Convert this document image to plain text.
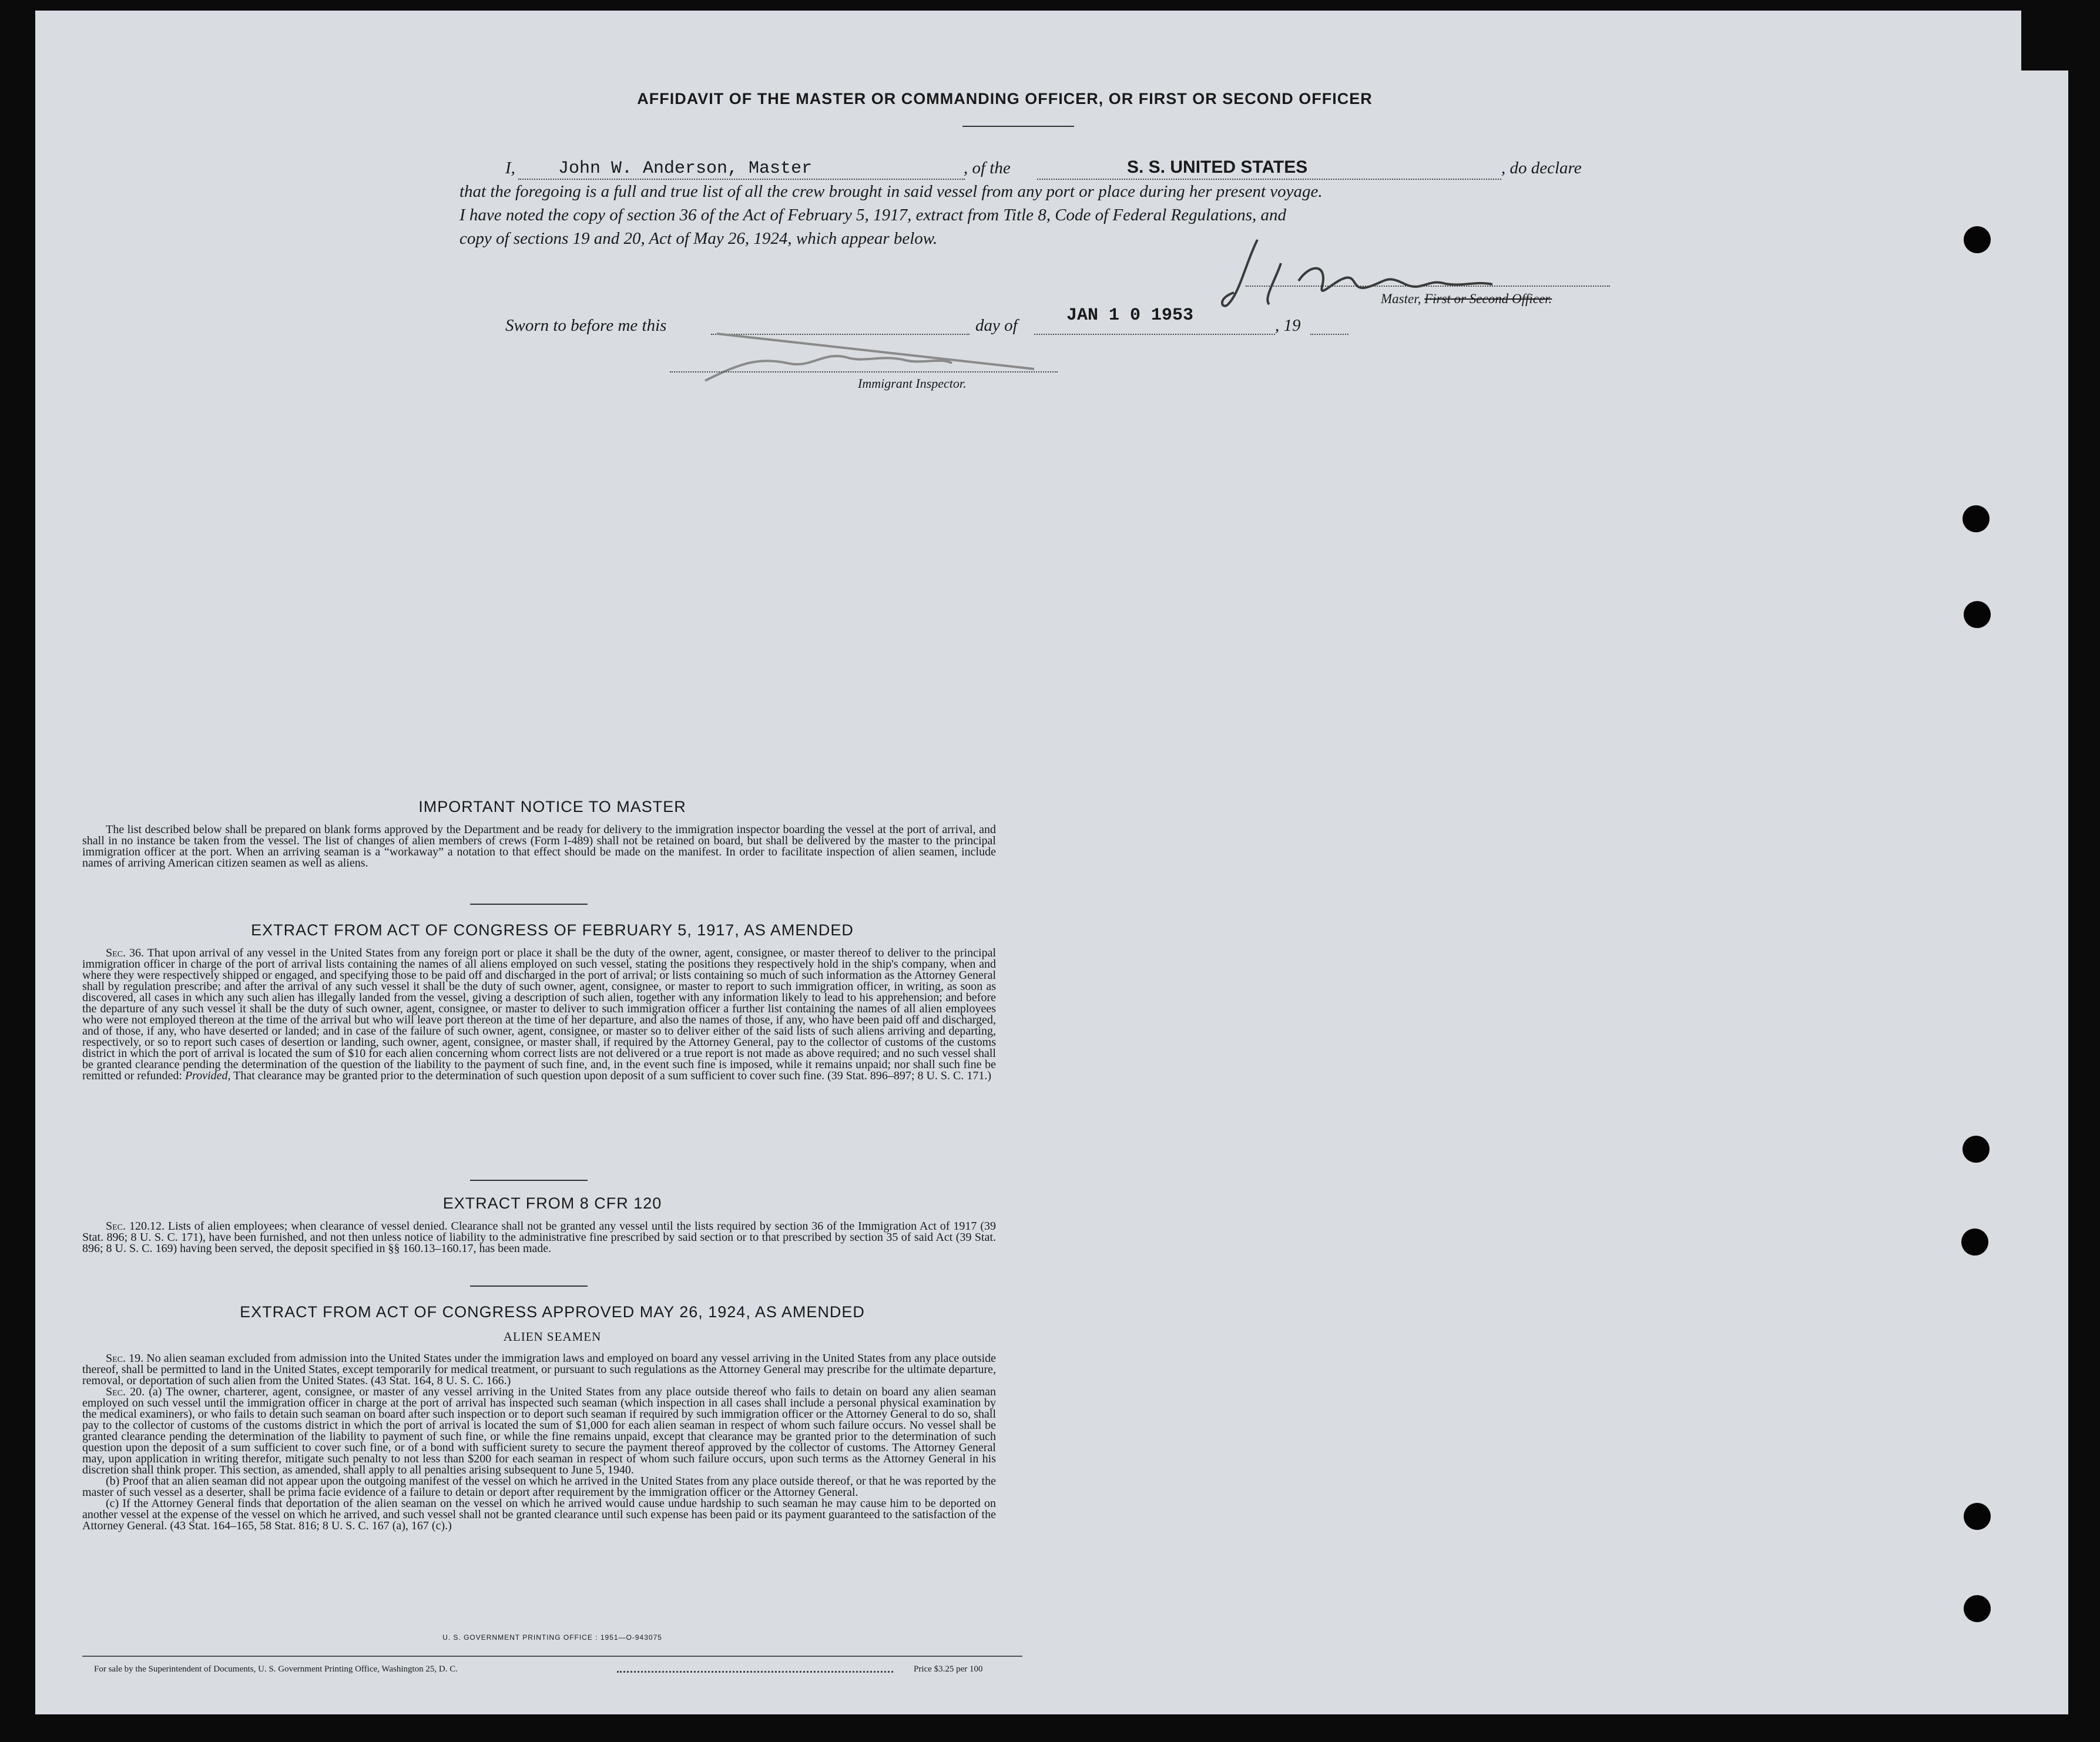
AFFIDAVIT OF THE MASTER OR COMMANDING OFFICER, OR FIRST OR SECOND OFFICER
I, John W. Anderson, Master	, of the	S. S. UNITED STATES	, do declare
that the foregoing is a full and true list of all the crew brought in said vessel from any port or place during her present voyage.
I have noted the copy of section 36 of the Act of February 5, 1917, extract from Title 8, Code of Federal Regulations, and
copy of sections 19 and 20, Act of May 26, 1924, which appear below.
Master, First or Second Officer.
Sworn to before me this	day of	JAN 1 0 1953	, 19
Immigrant Inspector.
IMPORTANT NOTICE TO MASTER

The list described below shall be prepared on blank forms approved by the Department and be ready for delivery to the immigration inspector boarding the vessel at the port of arrival, and shall in no instance be taken from the vessel. The list of changes of alien members of crews (Form I-489) shall not be retained on board, but shall be delivered by the master to the principal immigration officer at the port. When an arriving seaman is a “workaway” a notation to that effect should be made on the manifest. In order to facilitate inspection of alien seamen, include names of arriving American citizen seamen as well as aliens.

EXTRACT FROM ACT OF CONGRESS OF FEBRUARY 5, 1917, AS AMENDED

Sec. 36. That upon arrival of any vessel in the United States from any foreign port or place it shall be the duty of the owner, agent, consignee, or master thereof to deliver to the principal immigration officer in charge of the port of arrival lists containing the names of all aliens employed on such vessel, stating the positions they respectively hold in the ship's company, when and where they were respectively shipped or engaged, and specifying those to be paid off and discharged in the port of arrival; or lists containing so much of such information as the Attorney General shall by regulation prescribe; and after the arrival of any such vessel it shall be the duty of such owner, agent, consignee, or master to report to such immigration officer, in writing, as soon as discovered, all cases in which any such alien has illegally landed from the vessel, giving a description of such alien, together with any information likely to lead to his apprehension; and before the departure of any such vessel it shall be the duty of such owner, agent, consignee, or master to deliver to such immigration officer a further list containing the names of all alien employees who were not employed thereon at the time of the arrival but who will leave port thereon at the time of her departure, and also the names of those, if any, who have been paid off and discharged, and of those, if any, who have deserted or landed; and in case of the failure of such owner, agent, consignee, or master so to deliver either of the said lists of such aliens arriving and departing, respectively, or so to report such cases of desertion or landing, such owner, agent, consignee, or master shall, if required by the Attorney General, pay to the collector of customs of the customs district in which the port of arrival is located the sum of $10 for each alien concerning whom correct lists are not delivered or a true report is not made as above required; and no such vessel shall be granted clearance pending the determination of the question of the liability to the payment of such fine, and, in the event such fine is imposed, while it remains unpaid; nor shall such fine be remitted or refunded: Provided, That clearance may be granted prior to the determination of such question upon deposit of a sum sufficient to cover such fine. (39 Stat. 896–897; 8 U. S. C. 171.)

EXTRACT FROM 8 CFR 120

Sec. 120.12. Lists of alien employees; when clearance of vessel denied. Clearance shall not be granted any vessel until the lists required by section 36 of the Immigration Act of 1917 (39 Stat. 896; 8 U. S. C. 171), have been furnished, and not then unless notice of liability to the administrative fine prescribed by said section or to that prescribed by section 35 of said Act (39 Stat. 896; 8 U. S. C. 169) having been served, the deposit specified in §§ 160.13–160.17, has been made.

EXTRACT FROM ACT OF CONGRESS APPROVED MAY 26, 1924, AS AMENDED
ALIEN SEAMEN

Sec. 19. No alien seaman excluded from admission into the United States under the immigration laws and employed on board any vessel arriving in the United States from any place outside thereof, shall be permitted to land in the United States, except temporarily for medical treatment, or pursuant to such regulations as the Attorney General may prescribe for the ultimate departure, removal, or deportation of such alien from the United States. (43 Stat. 164, 8 U. S. C. 166.)

Sec. 20. (a) The owner, charterer, agent, consignee, or master of any vessel arriving in the United States from any place outside thereof who fails to detain on board any alien seaman employed on such vessel until the immigration officer in charge at the port of arrival has inspected such seaman (which inspection in all cases shall include a personal physical examination by the medical examiners), or who fails to detain such seaman on board after such inspection or to deport such seaman if required by such immigration officer or the Attorney General to do so, shall pay to the collector of customs of the customs district in which the port of arrival is located the sum of $1,000 for each alien seaman in respect of whom such failure occurs. No vessel shall be granted clearance pending the determination of the liability to payment of such fine, or while the fine remains unpaid, except that clearance may be granted prior to the determination of such question upon the deposit of a sum sufficient to cover such fine, or of a bond with sufficient surety to secure the payment thereof approved by the collector of customs. The Attorney General may, upon application in writing therefor, mitigate such penalty to not less than $200 for each seaman in respect of whom such failure occurs, upon such terms as the Attorney General in his discretion shall think proper. This section, as amended, shall apply to all penalties arising subsequent to June 5, 1940.

(b) Proof that an alien seaman did not appear upon the outgoing manifest of the vessel on which he arrived in the United States from any place outside thereof, or that he was reported by the master of such vessel as a deserter, shall be prima facie evidence of a failure to detain or deport after requirement by the immigration officer or the Attorney General.

(c) If the Attorney General finds that deportation of the alien seaman on the vessel on which he arrived would cause undue hardship to such seaman he may cause him to be deported on another vessel at the expense of the vessel on which he arrived, and such vessel shall not be granted clearance until such expense has been paid or its payment guaranteed to the satisfaction of the Attorney General. (43 Stat. 164–165, 58 Stat. 816; 8 U. S. C. 167 (a), 167 (c).)

U. S. GOVERNMENT PRINTING OFFICE : 1951—O-943075
For sale by the Superintendent of Documents, U. S. Government Printing Office, Washington 25, D. C.	Price $3.25 per 100
